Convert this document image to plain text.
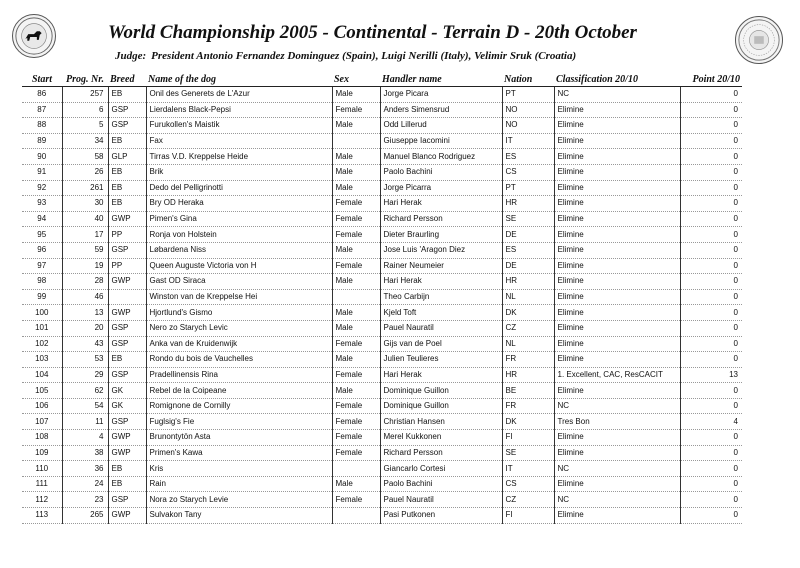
World Championship 2005 - Continental - Terrain D - 20th October
Judge: President Antonio Fernandez Dominguez (Spain), Luigi Nerilli (Italy), Velimir Sruk (Croatia)
Start	Prog. Nr.	Breed	Name of the dog	Sex	Handler name	Nation	Classification 20/10	Point 20/10
86	257	EB	Onil des Generets de L'Azur	Male	Jorge Picara	PT	NC	0
87	6	GSP	Lierdalens Black-Pepsi	Female	Anders Simensrud	NO	Elimine	0
88	5	GSP	Furukollen's Maistik	Male	Odd Lillerud	NO	Elimine	0
89	34	EB	Fax		Giuseppe Iacomini	IT	Elimine	0
90	58	GLP	Tirras V.D. Kreppelse Heide	Male	Manuel Blanco Rodriguez	ES	Elimine	0
91	26	EB	Brik	Male	Paolo Bachini	CS	Elimine	0
92	261	EB	Dedo del Pelligrinotti	Male	Jorge Picarra	PT	Elimine	0
93	30	EB	Bry OD Heraka	Female	Hari Herak	HR	Elimine	0
94	40	GWP	Pimen's Gina	Female	Richard Persson	SE	Elimine	0
95	17	PP	Ronja von Holstein	Female	Dieter Braurling	DE	Elimine	0
96	59	GSP	Løbardena Niss	Male	Jose Luis 'Aragon Diez	ES	Elimine	0
97	19	PP	Queen Auguste Victoria von H	Female	Rainer Neumeier	DE	Elimine	0
98	28	GWP	Gast OD Siraca	Male	Hari Herak	HR	Elimine	0
99	46		Winston van de Kreppelse Hei		Theo Carbijn	NL	Elimine	0
100	13	GWP	Hjortlund's Gismo	Male	Kjeld Toft	DK	Elimine	0
101	20	GSP	Nero zo Starych Levic	Male	Pauel Nauratil	CZ	Elimine	0
102	43	GSP	Anka van de Kruidenwijk	Female	Gijs van de Poel	NL	Elimine	0
103	53	EB	Rondo du bois de Vauchelles	Male	Julien Teulieres	FR	Elimine	0
104	29	GSP	Pradellinensis Rina	Female	Hari Herak	HR	1. Excellent, CAC, ResCACIT	13
105	62	GK	Rebel de la Coipeane	Male	Dominique Guillon	BE	Elimine	0
106	54	GK	Romignone de Cornilly	Female	Dominique Guillon	FR	NC	0
107	11	GSP	Fuglsig's Fie	Female	Christian Hansen	DK	Tres Bon	4
108	4	GWP	Brunontytön Asta	Female	Merel Kukkonen	FI	Elimine	0
109	38	GWP	Primen's Kawa	Female	Richard Persson	SE	Elimine	0
110	36	EB	Kris		Giancarlo Cortesi	IT	NC	0
111	24	EB	Rain	Male	Paolo Bachini	CS	Elimine	0
112	23	GSP	Nora zo Starych Levie	Female	Pauel Nauratil	CZ	NC	0
113	265	GWP	Sulvakon Tany		Pasi Putkonen	FI	Elimine	0
